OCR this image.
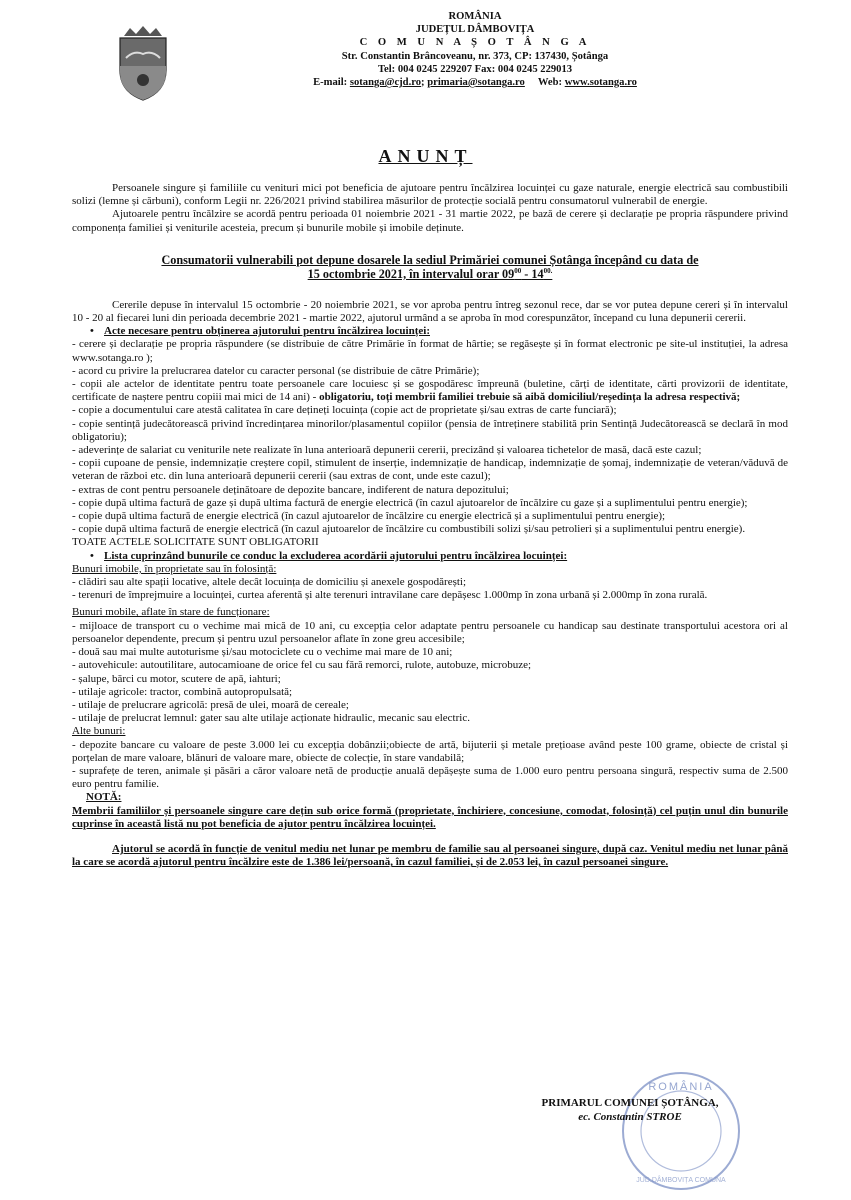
ROMÂNIA
JUDEȚUL DÂMBOVIȚA
C O M U N A Ș O T Â N G A
Str. Constantin Brâncoveanu, nr. 373, CP: 137430, Șotânga
Tel: 004 0245 229207 Fax: 004 0245 229013
E-mail: sotanga@cjd.ro; primaria@sotanga.ro     Web: www.sotanga.ro
ANUNȚ

Persoanele singure și familiile cu venituri mici pot beneficia de ajutoare pentru încălzirea locuinței cu gaze naturale, energie electrică sau combustibili solizi (lemne și cărbuni), conform Legii nr. 226/2021 privind stabilirea măsurilor de protecție socială pentru consumatorul vulnerabil de energie.

Ajutoarele pentru încălzire se acordă pentru perioada 01 noiembrie 2021 - 31 martie 2022, pe bază de cerere și declarație pe propria răspundere privind componența familiei și veniturile acesteia, precum și bunurile mobile și imobile deținute.

Consumatorii vulnerabili pot depune dosarele la sediul Primăriei comunei Șotânga începând cu data de

15 octombrie 2021, în intervalul orar $09^{00} - 14^{00.}$

Cererile depuse în intervalul 15 octombrie - 20 noiembrie 2021, se vor aproba pentru întreg sezonul rece, dar se vor putea depune cereri și în intervalul 10 - 20 al fiecarei luni din perioada decembrie 2021 - martie 2022, ajutorul urmând a se aproba în mod corespunzător, începand cu luna depunerii cererii.

• Acte necesare pentru obținerea ajutorului pentru încălzirea locuinței:

- cerere și declarație pe propria răspundere (se distribuie de către Primărie în format de hârtie; se regăsește și în format electronic pe site-ul instituției, la adresa www.sotanga.ro );

- acord cu privire la prelucrarea datelor cu caracter personal (se distribuie de către Primărie);

- copii ale actelor de identitate pentru toate persoanele care locuiesc și se gospodăresc împreună (buletine, cărți de identitate, cărti provizorii de identitate, certificate de naștere pentru copiii mai mici de 14 ani) - obligatoriu, toți membrii familiei trebuie să aibă domiciliul/reședința la adresa respectivă;

- copie a documentului care atestă calitatea în care dețineți locuința (copie act de proprietate și/sau extras de carte funciară);

- copie sentință judecătorească privind încredințarea minorilor/plasamentul copiilor (pensia de întreținere stabilită prin Sentință Judecătorească se declară în mod obligatoriu);

- adeverințe de salariat cu veniturile nete realizate în luna anterioară depunerii cererii, precizând și valoarea tichetelor de masă, dacă este cazul;

- copii cupoane de pensie, indemnizație creștere copil, stimulent de inserție, indemnizație de handicap, indemnizație de șomaj, indemnizație de veteran/văduvă de veteran de război etc. din luna anterioară depunerii cererii (sau extras de cont, unde este cazul);

- extras de cont pentru persoanele deținătoare de depozite bancare, indiferent de natura depozitului;

- copie după ultima factură de gaze și după ultima factură de energie electrică (în cazul ajutoarelor de încălzire cu gaze și a suplimentului pentru energie);

- copie după ultima factură de energie electrică (în cazul ajutoarelor de încălzire cu energie electrică și a suplimentului pentru energie);

- copie după ultima factură de energie electrică (în cazul ajutoarelor de încălzire cu combustibili solizi și/sau petrolieri și a suplimentului pentru energie).

TOATE ACTELE SOLICITATE SUNT OBLIGATORII

• Lista cuprinzând bunurile ce conduc la excluderea acordării ajutorului pentru încălzirea locuinței:

Bunuri imobile, în proprietate sau în folosință:

- clădiri sau alte spații locative, altele decât locuința de domiciliu și anexele gospodărești;

- terenuri de împrejmuire a locuinței, curtea aferentă și alte terenuri intravilane care depășesc 1.000mp în zona urbană și 2.000mp în zona rurală.

Bunuri mobile, aflate în stare de funcționare:

- mijloace de transport cu o vechime mai mică de 10 ani, cu excepția celor adaptate pentru persoanele cu handicap sau destinate transportului acestora ori al persoanelor dependente, precum și pentru uzul persoanelor aflate în zone greu accesibile;

- două sau mai multe autoturisme și/sau motociclete cu o vechime mai mare de 10 ani;

- autovehicule: autoutilitare, autocamioane de orice fel cu sau fără remorci, rulote, autobuze, microbuze;

- șalupe, bărci cu motor, scutere de apă, iahturi;

- utilaje agricole: tractor, combină autopropulsată;

- utilaje de prelucrare agricolă: presă de ulei, moară de cereale;

- utilaje de prelucrat lemnul: gater sau alte utilaje acționate hidraulic, mecanic sau electric.

Alte bunuri:

- depozite bancare cu valoare de peste 3.000 lei cu excepția dobânzii;obiecte de artă, bijuterii și metale prețioase având peste 100 grame, obiecte de cristal și porțelan de mare valoare, blănuri de valoare mare, obiecte de colecție, în stare vandabilă;

- suprafețe de teren, animale și păsări a căror valoare netă de producție anuală depășește suma de 1.000 euro pentru persoana singură, respectiv suma de 2.500 euro pentru familie.

NOTĂ:

Membrii familiilor și persoanele singure care dețin sub orice formă (proprietate, închiriere, concesiune, comodat, folosință) cel puțin unul din bunurile cuprinse în această listă nu pot beneficia de ajutor pentru încălzirea locuinței.

Ajutorul se acordă în funcție de venitul mediu net lunar pe membru de familie sau al persoanei singure, după caz. Venitul mediu net lunar până la care se acordă ajutorul pentru încălzire este de 1.386 lei/persoană, în cazul familiei, și de 2.053 lei, în cazul persoanei singure.

ROMÂNIA
JUD.DÂMBOVIȚA COMUNA
PRIMARUL COMUNEI ȘOTÂNGA,
ec. Constantin STROE
